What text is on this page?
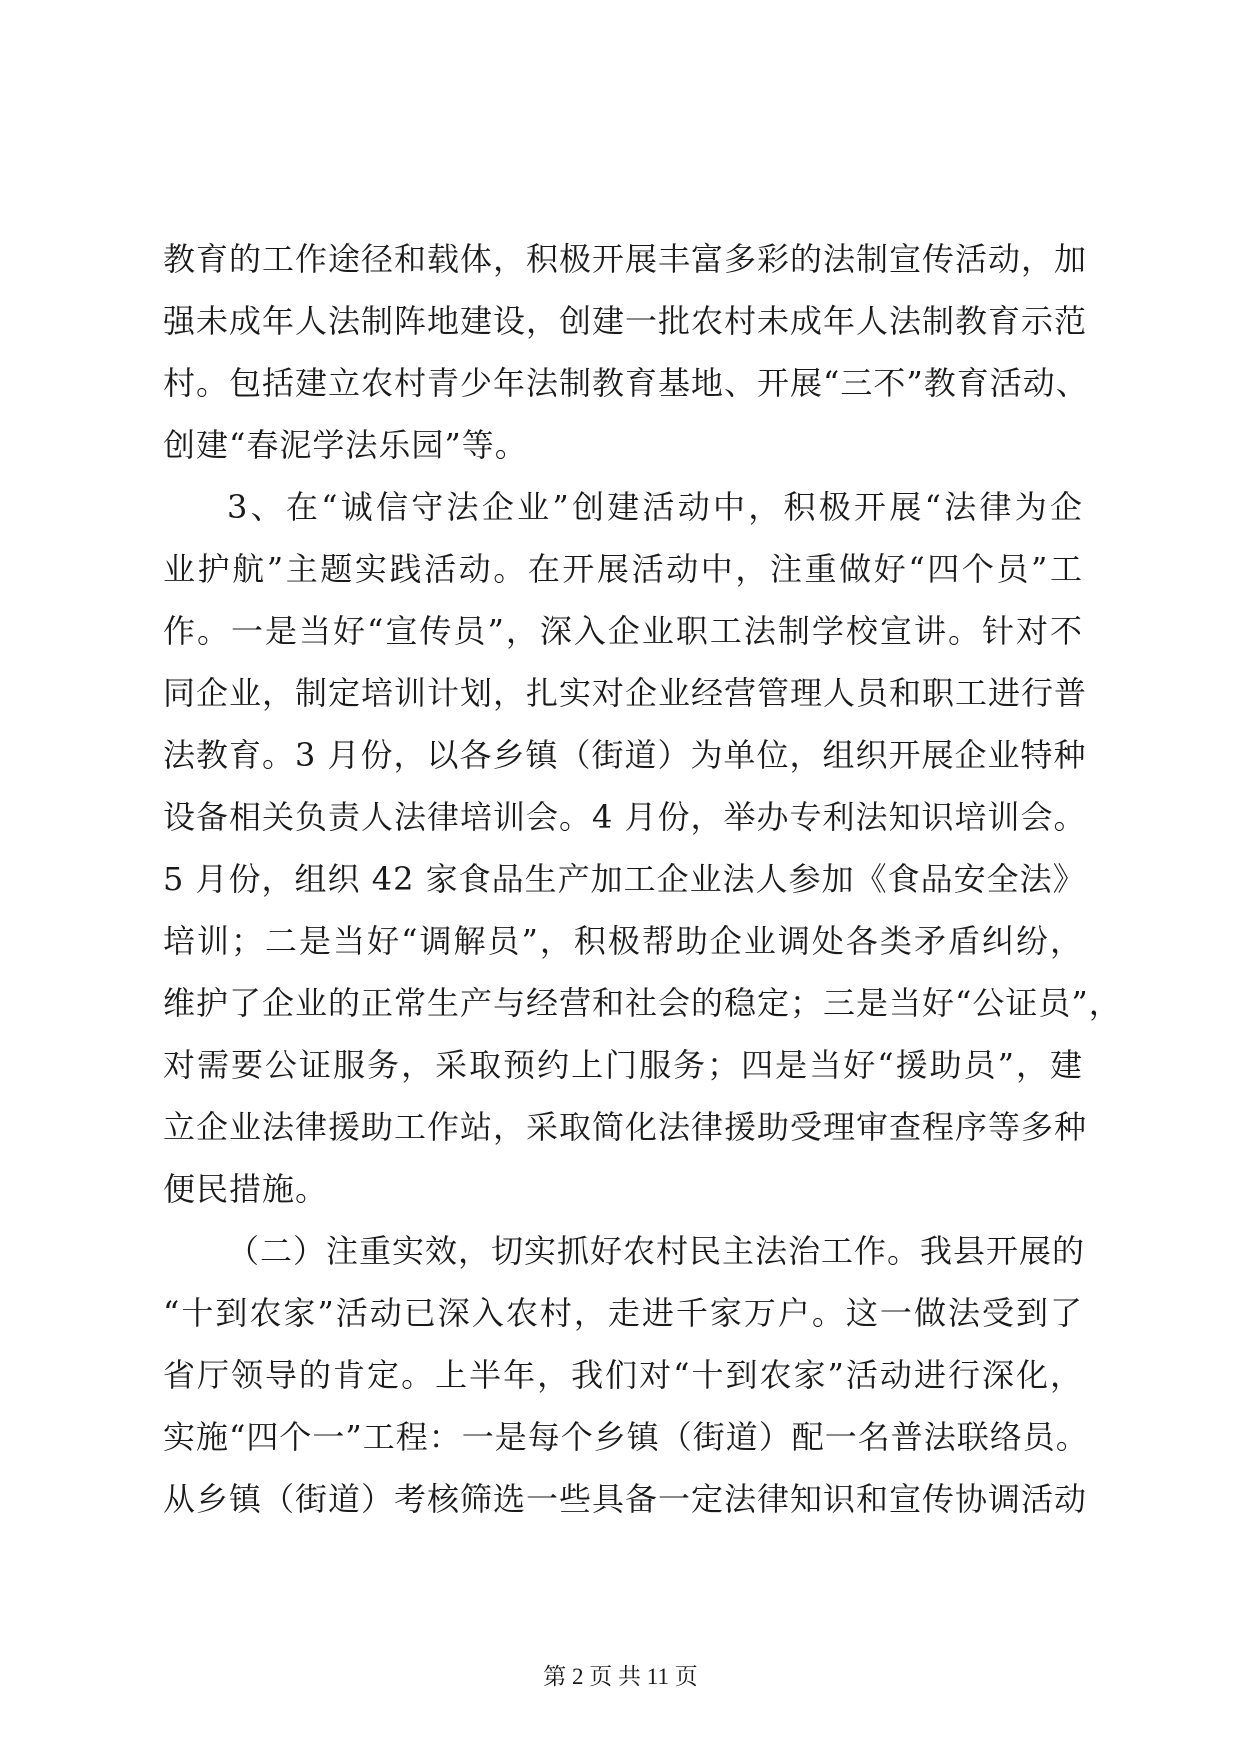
教育的工作途径和载体，积极开展丰富多彩的法制宣传活动，加
强未成年人法制阵地建设，创建一批农村未成年人法制教育示范
村。包括建立农村青少年法制教育基地、开展“三不”教育活动、
创建“春泥学法乐园”等。
3、在“诚信守法企业”创建活动中，积极开展“法律为企
业护航”主题实践活动。在开展活动中，注重做好“四个员”工
作。一是当好“宣传员”，深入企业职工法制学校宣讲。针对不
同企业，制定培训计划，扎实对企业经营管理人员和职工进行普
法教育。3 月份，以各乡镇（街道）为单位，组织开展企业特种
设备相关负责人法律培训会。4 月份，举办专利法知识培训会。
5 月份，组织 42 家食品生产加工企业法人参加《食品安全法》
培训；二是当好“调解员”，积极帮助企业调处各类矛盾纠纷，
维护了企业的正常生产与经营和社会的稳定；三是当好“公证员”，
对需要公证服务，采取预约上门服务；四是当好“援助员”，建
立企业法律援助工作站，采取简化法律援助受理审查程序等多种
便民措施。
（二）注重实效，切实抓好农村民主法治工作。我县开展的
“十到农家”活动已深入农村，走进千家万户。这一做法受到了
省厅领导的肯定。上半年，我们对“十到农家”活动进行深化，
实施“四个一”工程：一是每个乡镇（街道）配一名普法联络员。
从乡镇（街道）考核筛选一些具备一定法律知识和宣传协调活动
第 2 页 共 11 页
